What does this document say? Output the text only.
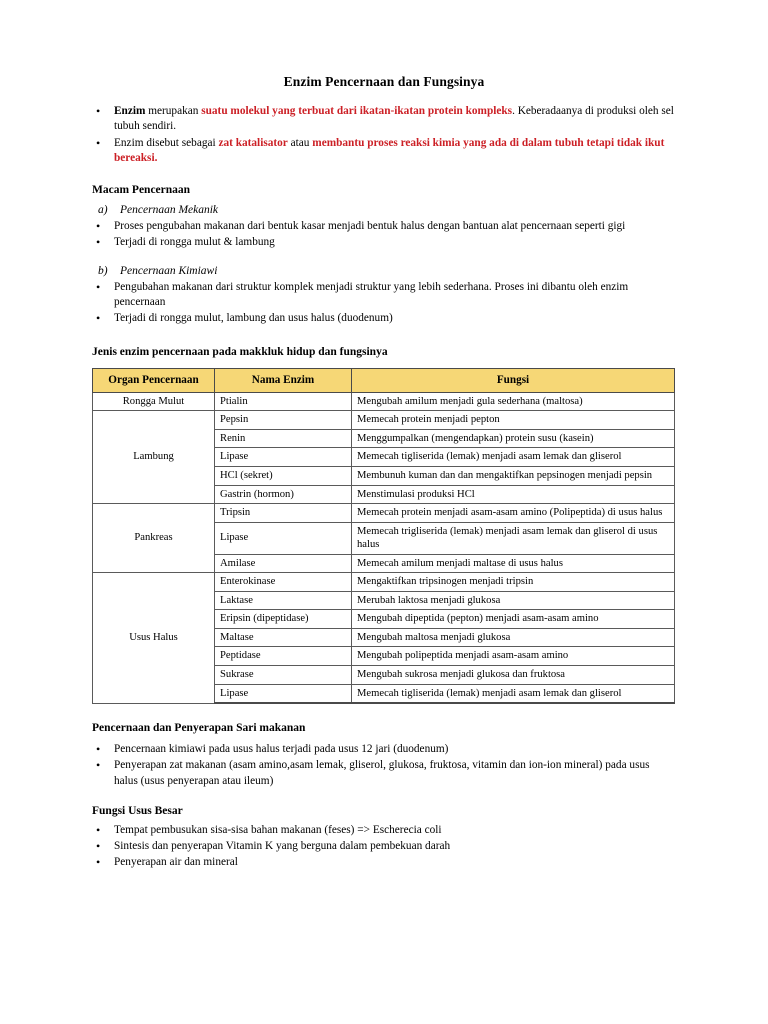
Enzim Pencernaan dan Fungsinya
• Enzim merupakan suatu molekul yang terbuat dari ikatan-ikatan protein kompleks. Keberadaanya di produksi oleh sel tubuh sendiri.
• Enzim disebut sebagai zat katalisator atau membantu proses reaksi kimia yang ada di dalam tubuh tetapi tidak ikut bereaksi.
Macam Pencernaan
a) Pencernaan Mekanik
• Proses pengubahan makanan dari bentuk kasar menjadi bentuk halus dengan bantuan alat pencernaan seperti gigi
• Terjadi di rongga mulut & lambung
b) Pencernaan Kimiawi
• Pengubahan makanan dari struktur komplek menjadi struktur yang lebih sederhana. Proses ini dibantu oleh enzim pencernaan
• Terjadi di rongga mulut, lambung dan usus halus (duodenum)
Jenis enzim pencernaan pada makkluk hidup dan fungsinya
Organ Pencernaan	Nama Enzim	Fungsi
Rongga Mulut	Ptialin	Mengubah amilum menjadi gula sederhana (maltosa)
Lambung	Pepsin	Memecah protein menjadi pepton
	Renin	Menggumpalkan (mengendapkan) protein susu (kasein)
	Lipase	Memecah tigliserida (lemak) menjadi asam lemak dan gliserol
	HCl (sekret)	Membunuh kuman dan dan mengaktifkan pepsinogen menjadi pepsin
	Gastrin (hormon)	Menstimulasi produksi HCl
Pankreas	Tripsin	Memecah protein menjadi asam-asam amino (Polipeptida) di usus halus
	Lipase	Memecah trigliserida (lemak) menjadi asam lemak dan gliserol di usus halus
	Amilase	Memecah amilum menjadi maltase di usus halus
Usus Halus	Enterokinase	Mengaktifkan tripsinogen menjadi tripsin
	Laktase	Merubah laktosa menjadi glukosa
	Eripsin (dipeptidase)	Mengubah dipeptida (pepton) menjadi asam-asam amino
	Maltase	Mengubah maltosa menjadi glukosa
	Peptidase	Mengubah polipeptida menjadi asam-asam amino
	Sukrase	Mengubah sukrosa menjadi glukosa dan fruktosa
	Lipase	Memecah tigliserida (lemak) menjadi asam lemak dan gliserol
Pencernaan dan Penyerapan Sari makanan
• Pencernaan kimiawi pada usus halus terjadi pada usus 12 jari (duodenum)
• Penyerapan zat makanan (asam amino,asam lemak, gliserol, glukosa, fruktosa, vitamin dan ion-ion mineral) pada usus halus (usus penyerapan atau ileum)
Fungsi Usus Besar
• Tempat pembusukan sisa-sisa bahan makanan (feses) => Escherecia coli
• Sintesis dan penyerapan Vitamin K yang berguna dalam pembekuan darah
• Penyerapan air dan mineral
